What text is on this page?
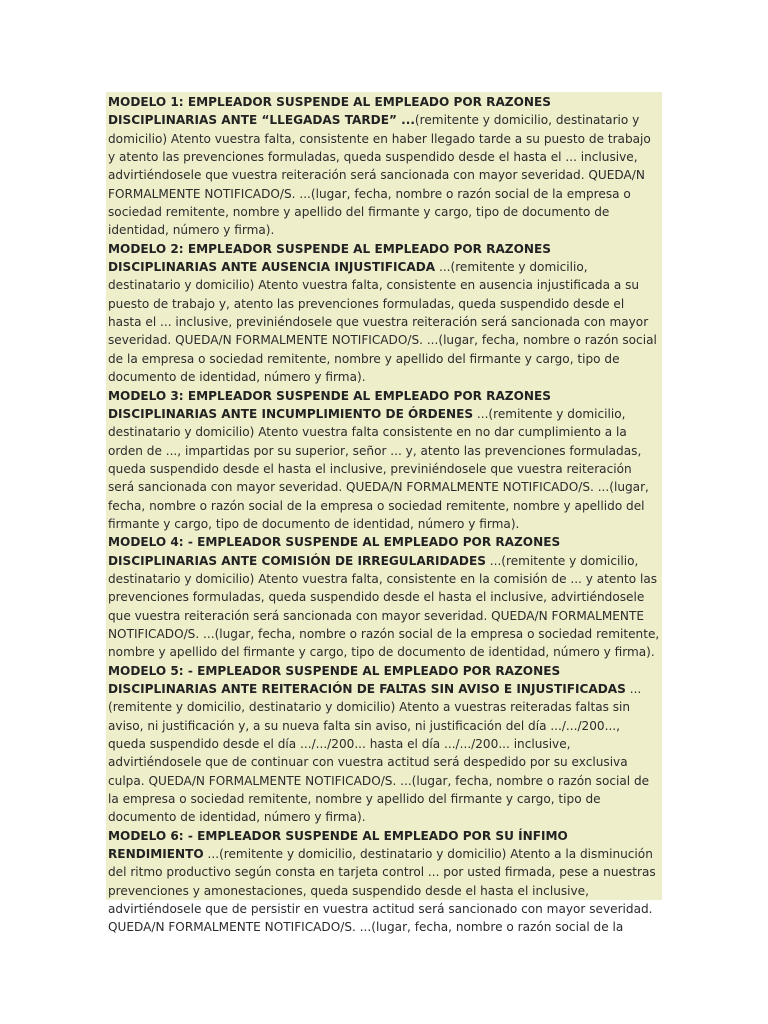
MODELO 1: EMPLEADOR SUSPENDE AL EMPLEADO POR RAZONES DISCIPLINARIAS ANTE “LLEGADAS TARDE” ...(remitente y domicilio, destinatario y domicilio) Atento vuestra falta, consistente en haber llegado tarde a su puesto de trabajo y atento las prevenciones formuladas, queda suspendido desde el hasta el ... inclusive, advirtiéndosele que vuestra reiteración será sancionada con mayor severidad. QUEDA/N FORMALMENTE NOTIFICADO/S. ...(lugar, fecha, nombre o razón social de la empresa o sociedad remitente, nombre y apellido del firmante y cargo, tipo de documento de identidad, número y firma).
MODELO 2: EMPLEADOR SUSPENDE AL EMPLEADO POR RAZONES DISCIPLINARIAS ANTE AUSENCIA INJUSTIFICADA ...(remitente y domicilio, destinatario y domicilio) Atento vuestra falta, consistente en ausencia injustificada a su puesto de trabajo y, atento las prevenciones formuladas, queda suspendido desde el hasta el ... inclusive, previniéndosele que vuestra reiteración será sancionada con mayor severidad. QUEDA/N FORMALMENTE NOTIFICADO/S. ...(lugar, fecha, nombre o razón social de la empresa o sociedad remitente, nombre y apellido del firmante y cargo, tipo de documento de identidad, número y firma).
MODELO 3: EMPLEADOR SUSPENDE AL EMPLEADO POR RAZONES DISCIPLINARIAS ANTE INCUMPLIMIENTO DE ÓRDENES ...(remitente y domicilio, destinatario y domicilio) Atento vuestra falta consistente en no dar cumplimiento a la orden de ..., impartidas por su superior, señor ... y, atento las prevenciones formuladas, queda suspendido desde el hasta el inclusive, previniéndosele que vuestra reiteración será sancionada con mayor severidad. QUEDA/N FORMALMENTE NOTIFICADO/S. ...(lugar, fecha, nombre o razón social de la empresa o sociedad remitente, nombre y apellido del firmante y cargo, tipo de documento de identidad, número y firma).
MODELO 4: - EMPLEADOR SUSPENDE AL EMPLEADO POR RAZONES DISCIPLINARIAS ANTE COMISIÓN DE IRREGULARIDADES ...(remitente y domicilio, destinatario y domicilio) Atento vuestra falta, consistente en la comisión de ... y atento las prevenciones formuladas, queda suspendido desde el hasta el inclusive, advirtiéndosele que vuestra reiteración será sancionada con mayor severidad. QUEDA/N FORMALMENTE NOTIFICADO/S. ...(lugar, fecha, nombre o razón social de la empresa o sociedad remitente, nombre y apellido del firmante y cargo, tipo de documento de identidad, número y firma).
MODELO 5: - EMPLEADOR SUSPENDE AL EMPLEADO POR RAZONES DISCIPLINARIAS ANTE REITERACIÓN DE FALTAS SIN AVISO E INJUSTIFICADAS ...(remitente y domicilio, destinatario y domicilio) Atento a vuestras reiteradas faltas sin aviso, ni justificación y, a su nueva falta sin aviso, ni justificación del día .../.../200..., queda suspendido desde el día .../.../200... hasta el día .../.../200... inclusive, advirtiéndosele que de continuar con vuestra actitud será despedido por su exclusiva culpa. QUEDA/N FORMALMENTE NOTIFICADO/S. ...(lugar, fecha, nombre o razón social de la empresa o sociedad remitente, nombre y apellido del firmante y cargo, tipo de documento de identidad, número y firma).
MODELO 6: - EMPLEADOR SUSPENDE AL EMPLEADO POR SU ÍNFIMO RENDIMIENTO ...(remitente y domicilio, destinatario y domicilio) Atento a la disminución del ritmo productivo según consta en tarjeta control ... por usted firmada, pese a nuestras prevenciones y amonestaciones, queda suspendido desde el hasta el inclusive, advirtiéndosele que de persistir en vuestra actitud será sancionado con mayor severidad. QUEDA/N FORMALMENTE NOTIFICADO/S. ...(lugar, fecha, nombre o razón social de la
